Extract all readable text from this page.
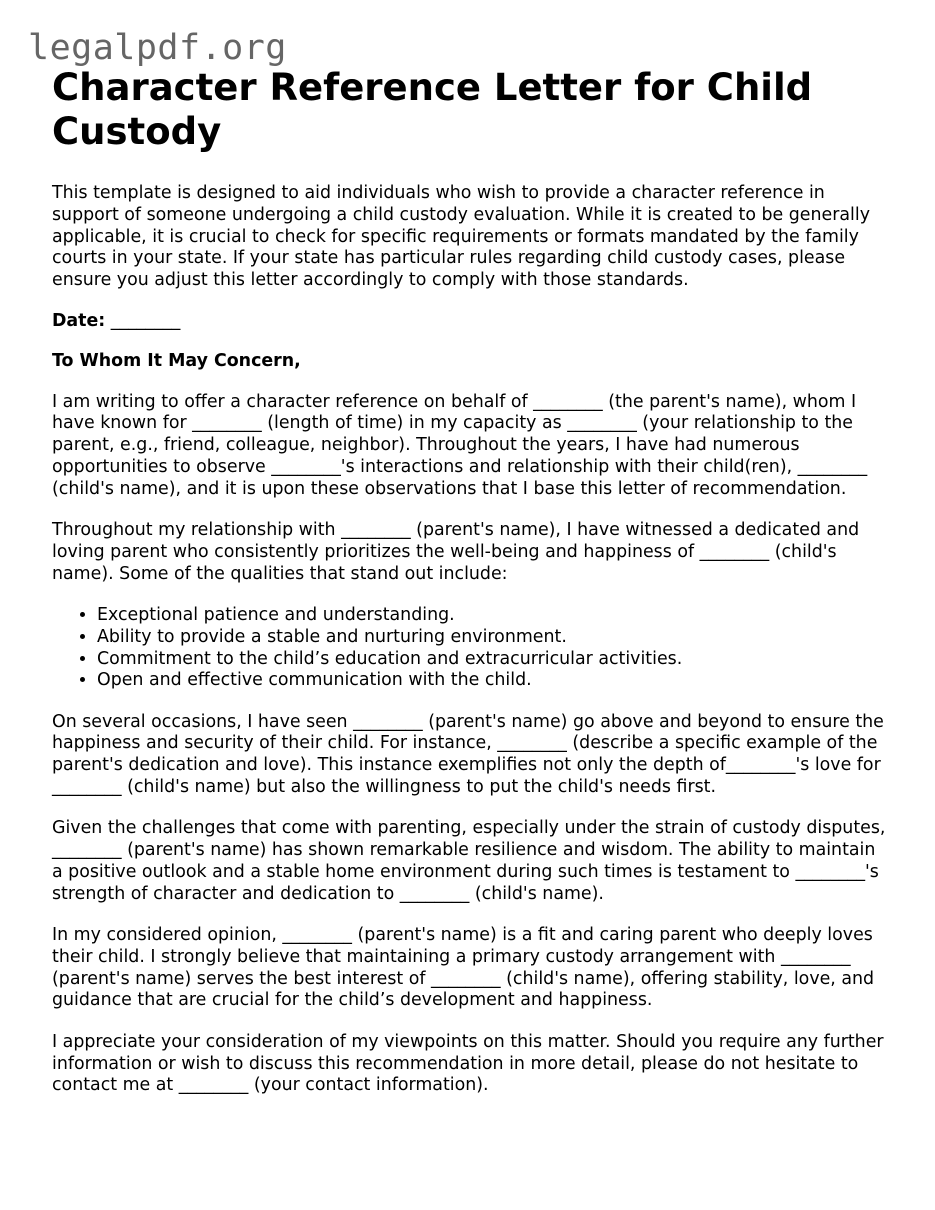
legalpdf.org
Character Reference Letter for Child Custody

This template is designed to aid individuals who wish to provide a character reference in support of someone undergoing a child custody evaluation. While it is created to be generally applicable, it is crucial to check for specific requirements or formats mandated by the family courts in your state. If your state has particular rules regarding child custody cases, please ensure you adjust this letter accordingly to comply with those standards.

Date: ________

To Whom It May Concern,

I am writing to offer a character reference on behalf of ________ (the parent's name), whom I have known for ________ (length of time) in my capacity as ________ (your relationship to the parent, e.g., friend, colleague, neighbor). Throughout the years, I have had numerous opportunities to observe ________'s interactions and relationship with their child(ren), ________ (child's name), and it is upon these observations that I base this letter of recommendation.

Throughout my relationship with ________ (parent's name), I have witnessed a dedicated and loving parent who consistently prioritizes the well-being and happiness of ________ (child's name). Some of the qualities that stand out include:

• Exceptional patience and understanding.
• Ability to provide a stable and nurturing environment.
• Commitment to the child’s education and extracurricular activities.
• Open and effective communication with the child.

On several occasions, I have seen ________ (parent's name) go above and beyond to ensure the happiness and security of their child. For instance, ________ (describe a specific example of the parent's dedication and love). This instance exemplifies not only the depth of________'s love for ________ (child's name) but also the willingness to put the child's needs first.

Given the challenges that come with parenting, especially under the strain of custody disputes, ________ (parent's name) has shown remarkable resilience and wisdom. The ability to maintain a positive outlook and a stable home environment during such times is testament to ________'s strength of character and dedication to ________ (child's name).

In my considered opinion, ________ (parent's name) is a fit and caring parent who deeply loves their child. I strongly believe that maintaining a primary custody arrangement with ________ (parent's name) serves the best interest of ________ (child's name), offering stability, love, and guidance that are crucial for the child’s development and happiness.

I appreciate your consideration of my viewpoints on this matter. Should you require any further information or wish to discuss this recommendation in more detail, please do not hesitate to contact me at ________ (your contact information).
